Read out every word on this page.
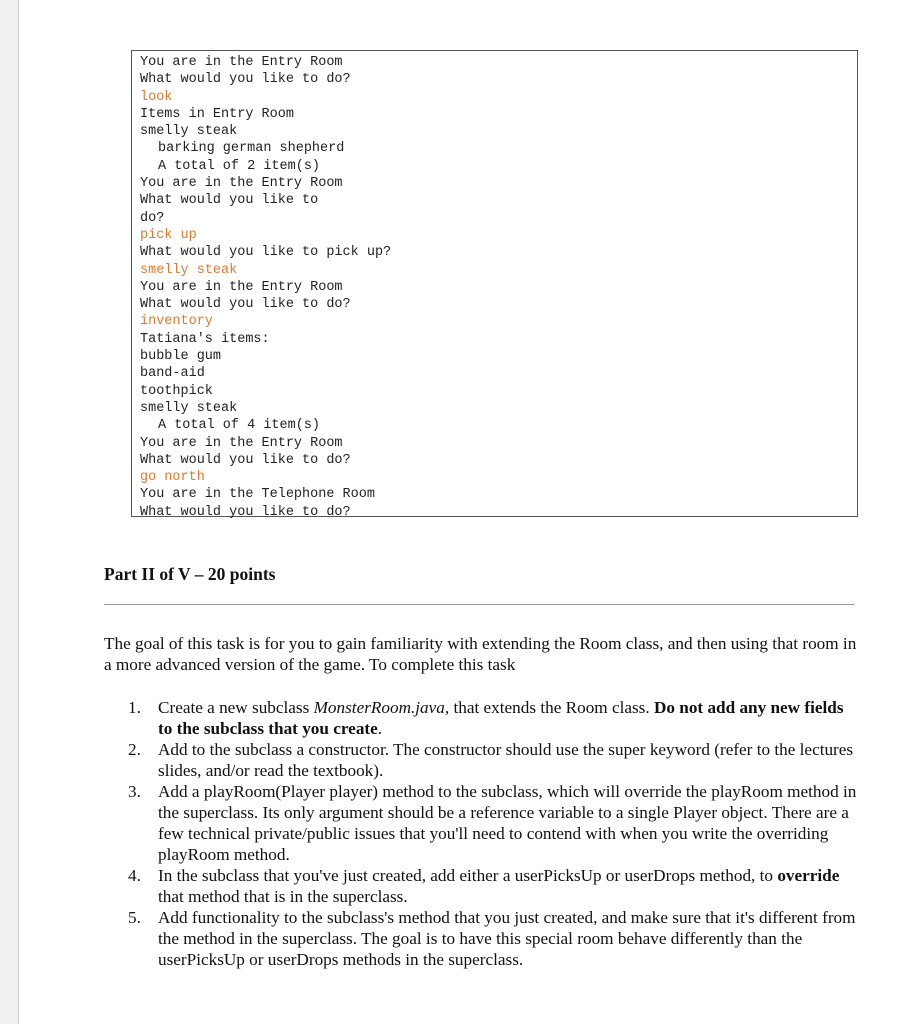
You are in the Entry Room
What would you like to do?
look
Items in Entry Room
smelly steak
barking german shepherd
A total of 2 item(s)
You are in the Entry Room
What would you like to
do?
pick up
What would you like to pick up?
smelly steak
You are in the Entry Room
What would you like to do?
inventory
Tatiana's items:
bubble gum
band-aid
toothpick
smelly steak
A total of 4 item(s)
You are in the Entry Room
What would you like to do?
go north
You are in the Telephone Room
What would you like to do?
Part II of V – 20 points

The goal of this task is for you to gain familiarity with extending the Room class, and then using that room in a more advanced version of the game. To complete this task

1. Create a new subclass MonsterRoom.java, that extends the Room class. Do not add any new fields to the subclass that you create.
2. Add to the subclass a constructor. The constructor should use the super keyword (refer to the lectures slides, and/or read the textbook).
3. Add a playRoom(Player player) method to the subclass, which will override the playRoom method in the superclass. Its only argument should be a reference variable to a single Player object. There are a few technical private/public issues that you'll need to contend with when you write the overriding playRoom method.
4. In the subclass that you've just created, add either a userPicksUp or userDrops method, to override that method that is in the superclass.
5. Add functionality to the subclass's method that you just created, and make sure that it's different from the method in the superclass. The goal is to have this special room behave differently than the userPicksUp or userDrops methods in the superclass.
